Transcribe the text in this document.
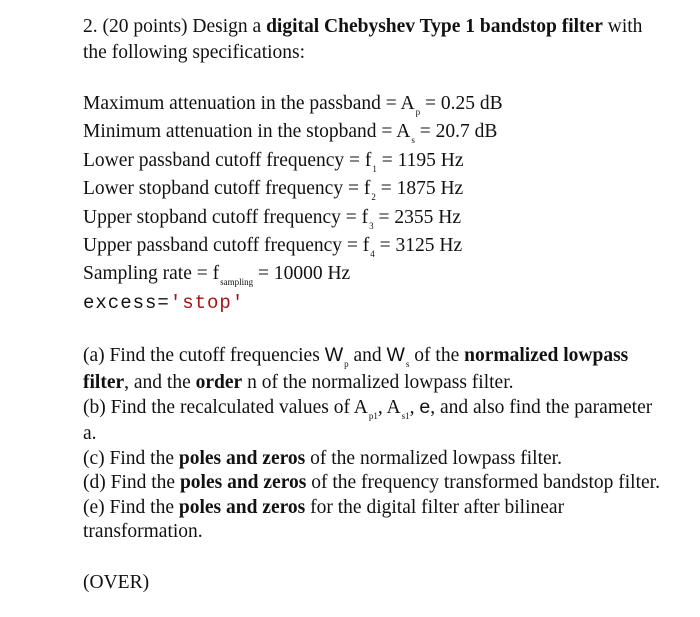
2. (20 points) Design a digital Chebyshev Type 1 bandstop filter with the following specifications:

Maximum attenuation in the passband = $A_p = 0.25$ dB
Minimum attenuation in the stopband = $A_s = 20.7$ dB
Lower passband cutoff frequency = $f_1 = 1195$ Hz
Lower stopband cutoff frequency = $f_2 = 1875$ Hz
Upper stopband cutoff frequency = $f_3 = 2355$ Hz
Upper passband cutoff frequency = $f_4 = 3125$ Hz
Sampling rate = $f_{sampling} = 10000$ Hz
excess='stop'

(a) Find the cutoff frequencies $W_p$ and $W_s$ of the normalized lowpass filter, and the order n of the normalized lowpass filter.

(b) Find the recalculated values of $A_{p1}$, $A_{s1}$, e, and also find the parameter a.

(c) Find the poles and zeros of the normalized lowpass filter.

(d) Find the poles and zeros of the frequency transformed bandstop filter.

(e) Find the poles and zeros for the digital filter after bilinear transformation.

(OVER)
